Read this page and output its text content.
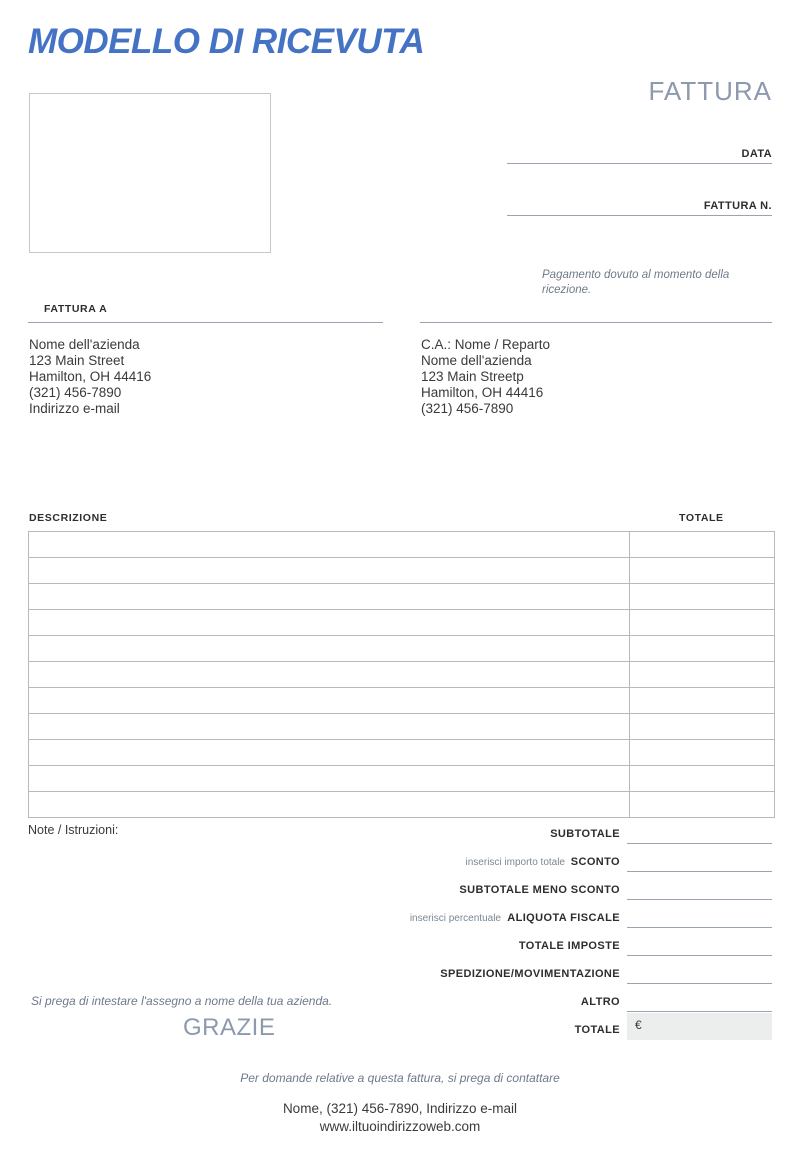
MODELLO DI RICEVUTA
FATTURA
DATA
FATTURA N.
Pagamento dovuto al momento della ricezione.
FATTURA A
Nome dell'azienda
123 Main Street
Hamilton, OH 44416
(321) 456-7890
Indirizzo e-mail
C.A.: Nome / Reparto
Nome dell'azienda
123 Main Streetp
Hamilton, OH 44416
(321) 456-7890
DESCRIZIONE	TOTALE

Note / Istruzioni:	SUBTOTALE
inserisci importo totale SCONTO
SUBTOTALE MENO SCONTO
inserisci percentuale ALIQUOTA FISCALE
TOTALE IMPOSTE
SPEDIZIONE/MOVIMENTAZIONE
ALTRO
TOTALE €
Si prega di intestare l'assegno a nome della tua azienda.
GRAZIE
Per domande relative a questa fattura, si prega di contattare
Nome, (321) 456-7890, Indirizzo e-mail
www.iltuoindirizzoweb.com
